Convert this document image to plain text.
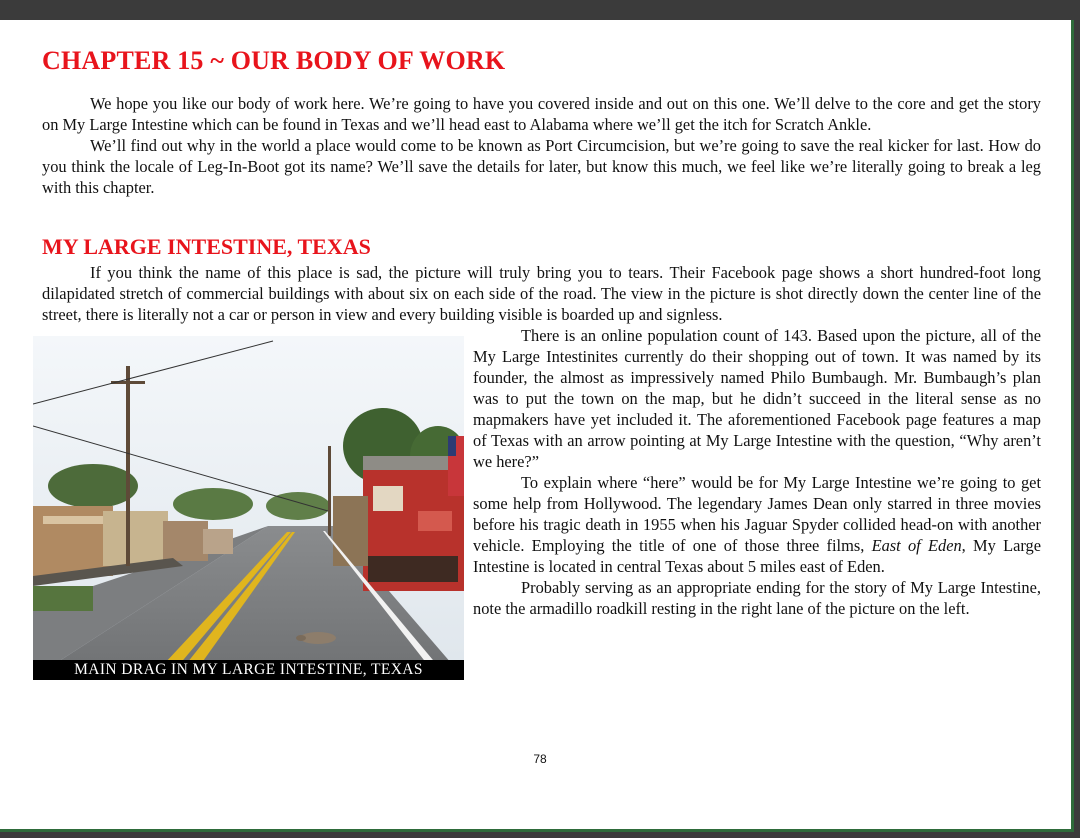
CHAPTER 15 ~ OUR BODY OF WORK

We hope you like our body of work here. We’re going to have you covered inside and out on this one. We’ll delve to the core and get the story on My Large Intestine which can be found in Texas and we’ll head east to Alabama where we’ll get the itch for Scratch Ankle.

We’ll find out why in the world a place would come to be known as Port Circumcision, but we’re going to save the real kicker for last. How do you think the locale of Leg-In-Boot got its name? We’ll save the details for later, but know this much, we feel like we’re literally going to break a leg with this chapter.

MY LARGE INTESTINE, TEXAS

If you think the name of this place is sad, the picture will truly bring you to tears. Their Facebook page shows a short hundred-foot long dilapidated stretch of commercial buildings with about six on each side of the road. The view in the picture is shot directly down the center line of the street, there is literally not a car or person in view and every building visible is boarded up and signless.

MAIN DRAG IN MY LARGE INTESTINE, TEXAS

There is an online population count of 143. Based upon the picture, all of the My Large Intestinites currently do their shopping out of town. It was named by its founder, the almost as impressively named Philo Bumbaugh. Mr. Bumbaugh’s plan was to put the town on the map, but he didn’t succeed in the literal sense as no mapmakers have yet included it. The aforementioned Facebook page features a map of Texas with an arrow pointing at My Large Intestine with the question, “Why aren’t we here?”

To explain where “here” would be for My Large Intestine we’re going to get some help from Hollywood. The legendary James Dean only starred in three movies before his tragic death in 1955 when his Jaguar Spyder collided head-on with another vehicle. Employing the title of one of those three films, East of Eden, My Large Intestine is located in central Texas about 5 miles east of Eden.

Probably serving as an appropriate ending for the story of My Large Intestine, note the armadillo roadkill resting in the right lane of the picture on the left.

78
